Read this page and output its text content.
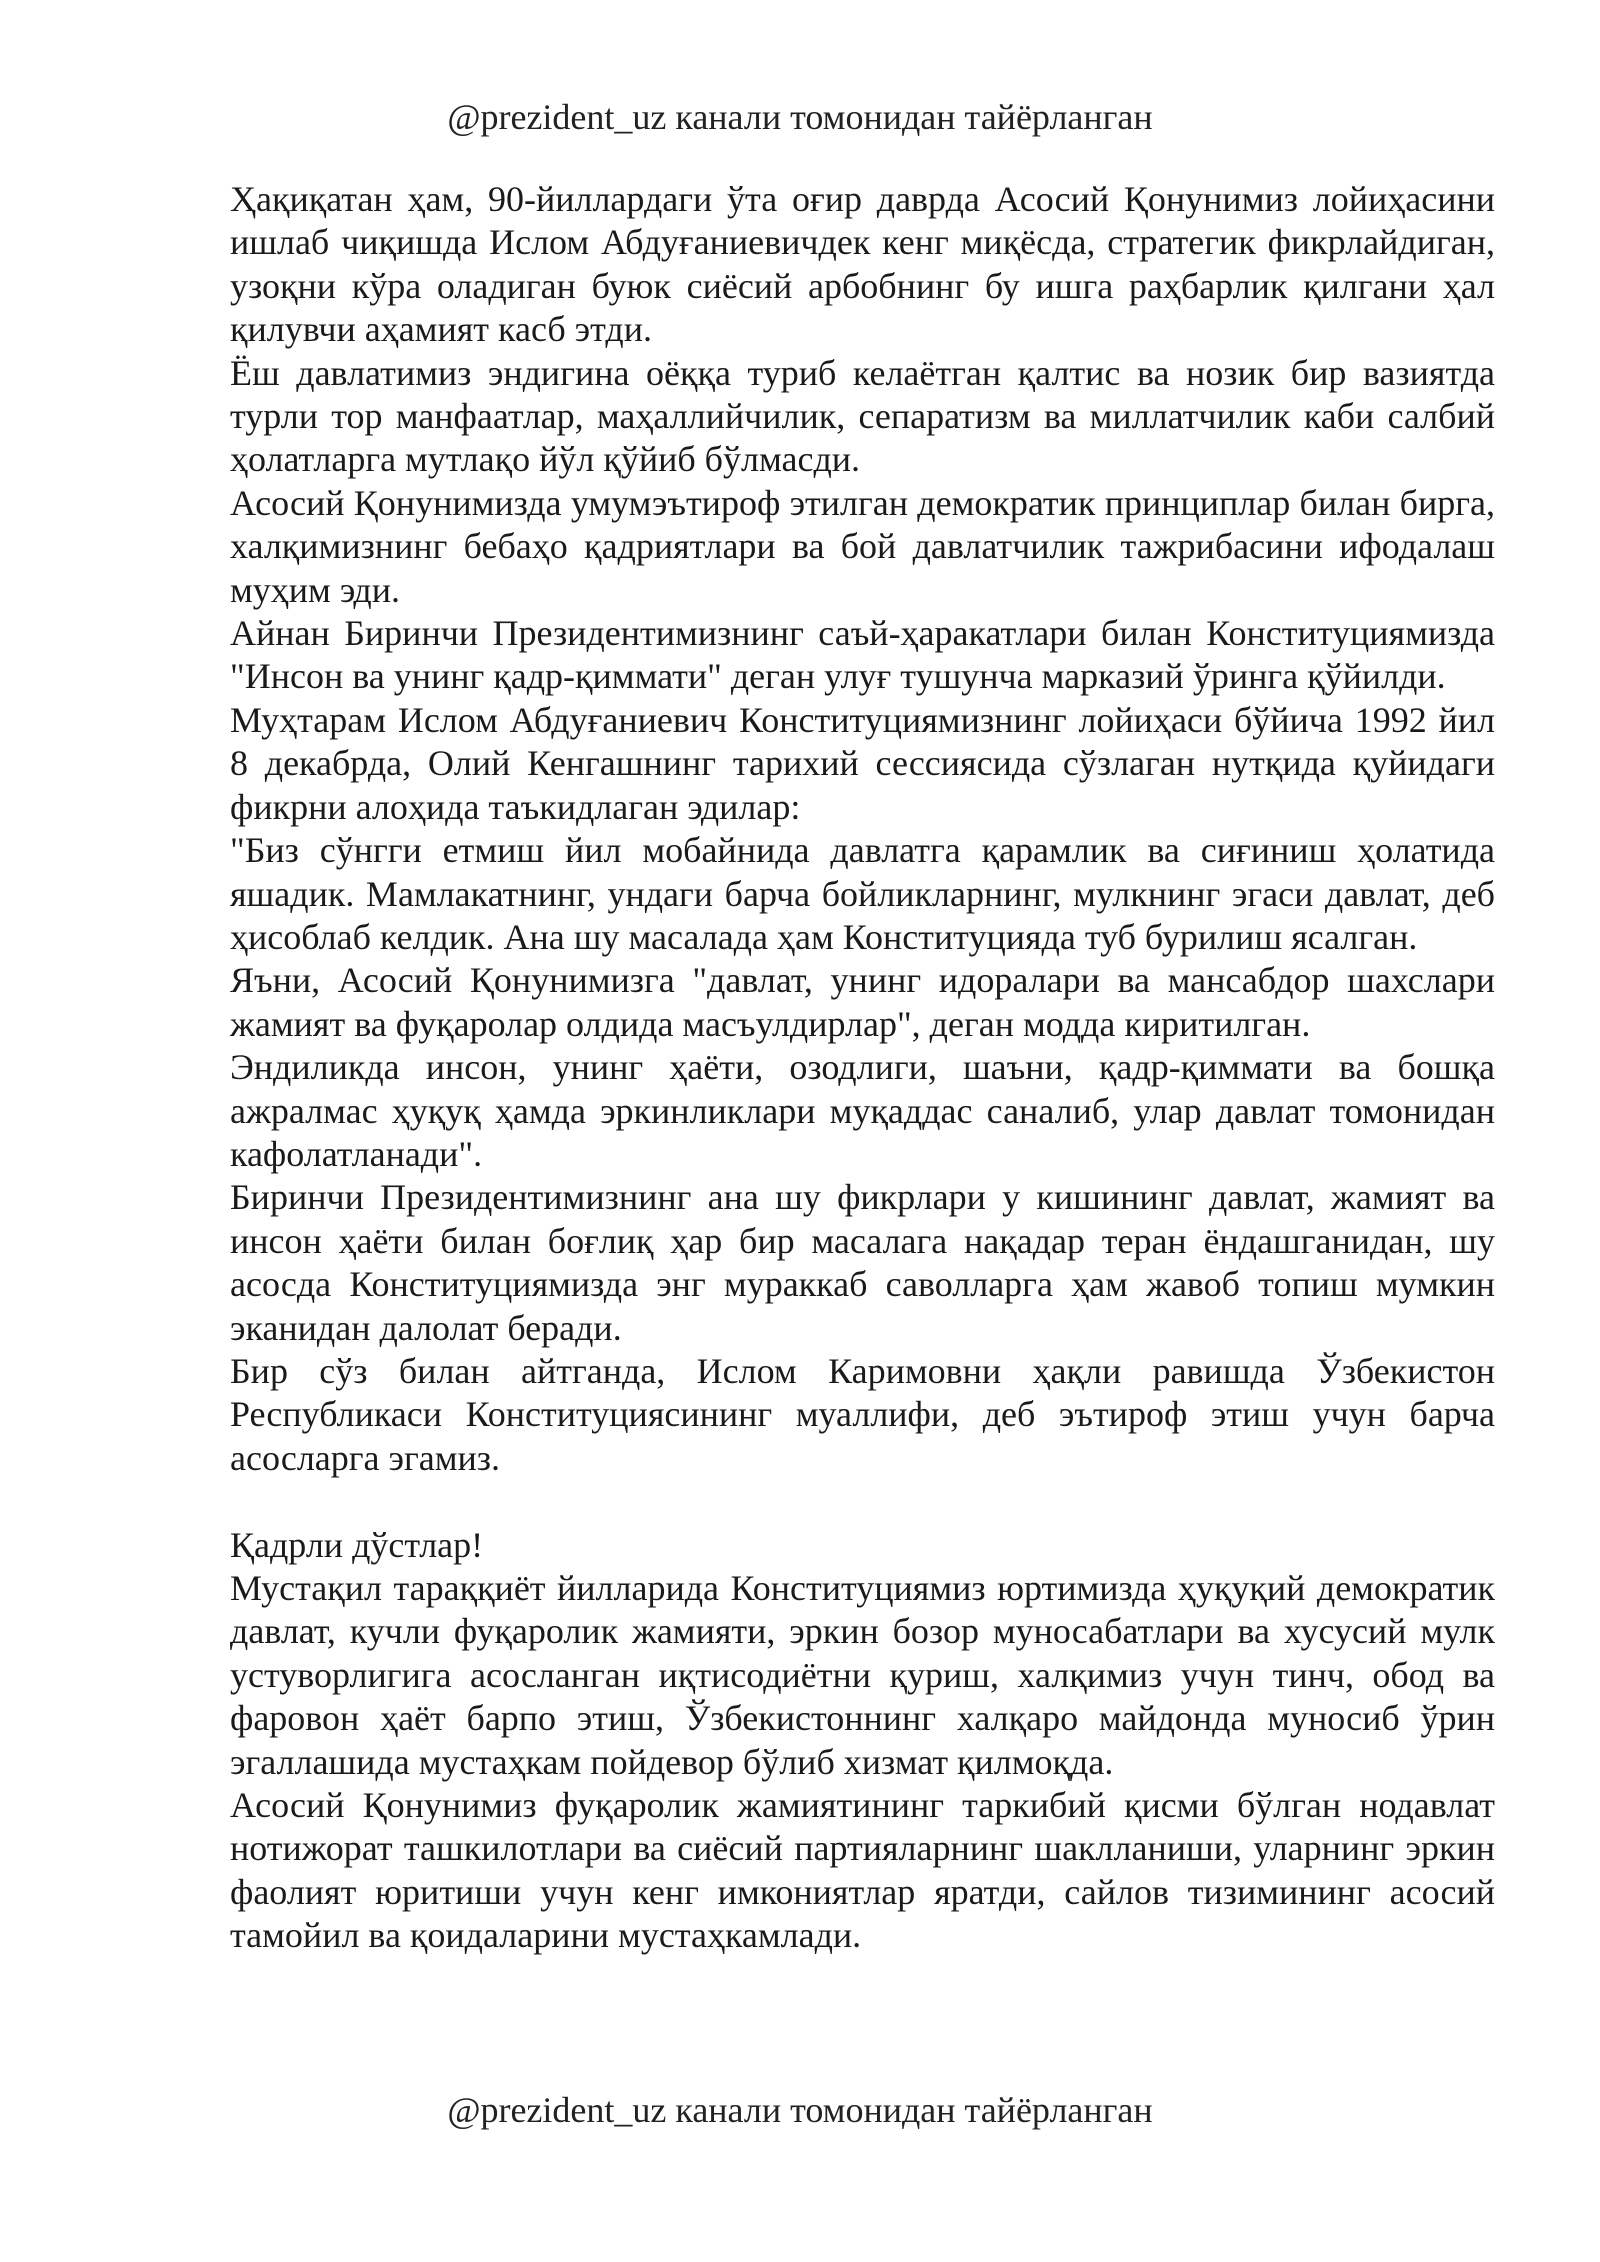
@prezident_uz канали томонидан тайёрланган

Ҳақиқатан ҳам, 90-йиллардаги ўта оғир даврда Асосий Қонунимиз лойиҳасини ишлаб чиқишда Ислом Абдуғаниевичдек кенг миқёсда, стратегик фикрлайдиган, узоқни кўра оладиган буюк сиёсий арбобнинг бу ишга раҳбарлик қилгани ҳал қилувчи аҳамият касб этди.

Ёш давлатимиз эндигина оёққа туриб келаётган қалтис ва нозик бир вазиятда турли тор манфаатлар, маҳаллийчилик, сепаратизм ва миллатчилик каби салбий ҳолатларга мутлақо йўл қўйиб бўлмасди.

Асосий Қонунимизда умумэътироф этилган демократик принциплар билан бирга, халқимизнинг бебаҳо қадриятлари ва бой давлатчилик тажрибасини ифодалаш муҳим эди.

Айнан Биринчи Президентимизнинг саъй-ҳаракатлари билан Конституциямизда "Инсон ва унинг қадр-қиммати" деган улуғ тушунча марказий ўринга қўйилди.

Муҳтарам Ислом Абдуғаниевич Конституциямизнинг лойиҳаси бўйича 1992 йил 8 декабрда, Олий Кенгашнинг тарихий сессиясида сўзлаган нутқида қуйидаги фикрни алоҳида таъкидлаган эдилар:

"Биз сўнгги етмиш йил мобайнида давлатга қарамлик ва сиғиниш ҳолатида яшадик. Мамлакатнинг, ундаги барча бойликларнинг, мулкнинг эгаси давлат, деб ҳисоблаб келдик. Ана шу масалада ҳам Конституцияда туб бурилиш ясалган.

Яъни, Асосий Қонунимизга "давлат, унинг идоралари ва мансабдор шахслари жамият ва фуқаролар олдида масъулдирлар", деган модда киритилган.

Эндиликда инсон, унинг ҳаёти, озодлиги, шаъни, қадр-қиммати ва бошқа ажралмас ҳуқуқ ҳамда эркинликлари муқаддас саналиб, улар давлат томонидан кафолатланади".

Биринчи Президентимизнинг ана шу фикрлари у кишининг давлат, жамият ва инсон ҳаёти билан боғлиқ ҳар бир масалага нақадар теран ёндашганидан, шу асосда Конституциямизда энг мураккаб саволларга ҳам жавоб топиш мумкин эканидан далолат беради.

Бир сўз билан айтганда, Ислом Каримовни ҳақли равишда Ўзбекистон Республикаси Конституциясининг муаллифи, деб эътироф этиш учун барча асосларга эгамиз.

Қадрли дўстлар!

Мустақил тараққиёт йилларида Конституциямиз юртимизда ҳуқуқий демократик давлат, кучли фуқаролик жамияти, эркин бозор муносабатлари ва хусусий мулк устуворлигига асосланган иқтисодиётни қуриш, халқимиз учун тинч, обод ва фаровон ҳаёт барпо этиш, Ўзбекистоннинг халқаро майдонда муносиб ўрин эгаллашида мустаҳкам пойдевор бўлиб хизмат қилмоқда.

Асосий Қонунимиз фуқаролик жамиятининг таркибий қисми бўлган нодавлат нотижорат ташкилотлари ва сиёсий партияларнинг шаклланиши, уларнинг эркин фаолият юритиши учун кенг имкониятлар яратди, сайлов тизимининг асосий тамойил ва қоидаларини мустаҳкамлади.

@prezident_uz канали томонидан тайёрланган
